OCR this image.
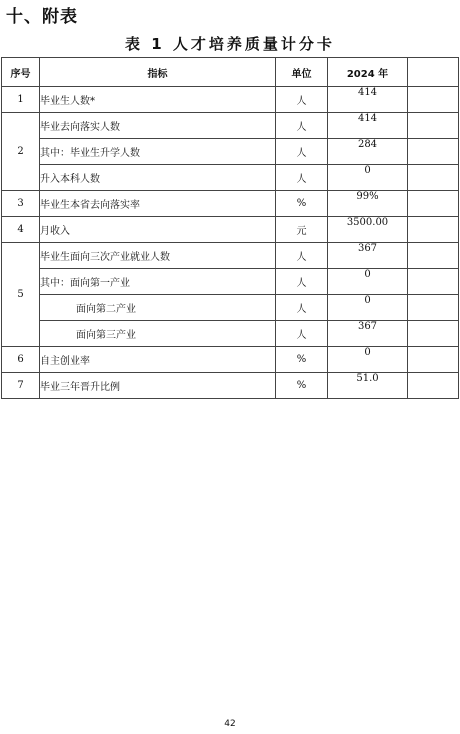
十、附表
表 1 人才培养质量计分卡
序号	指标	单位	2024 年	
1	毕业生人数*	人	414	
2	毕业去向落实人数	人	414	
	其中：毕业生升学人数	人	284	
	升入本科人数	人	0	
3	毕业生本省去向落实率	%	99%	
4	月收入	元	3500.00	
5	毕业生面向三次产业就业人数	人	367	
	其中：面向第一产业	人	0	
	面向第二产业	人	0	
	面向第三产业	人	367	
6	自主创业率	%	0	
7	毕业三年晋升比例	%	51.0	
42
